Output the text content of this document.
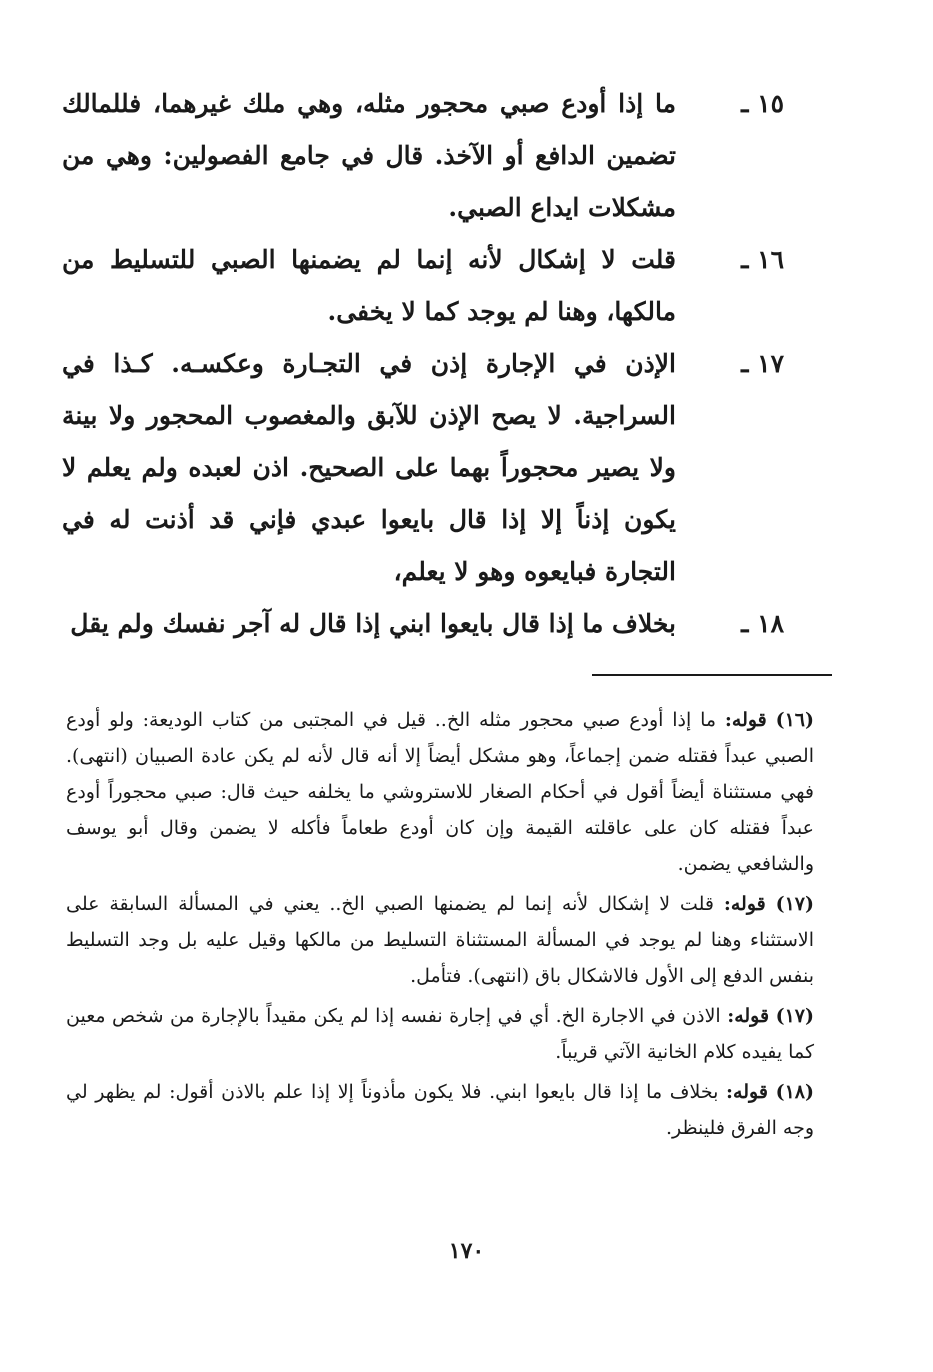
١٥ ـ
ما إذا أودع صبي محجور مثله، وهي ملك غيرهما، فللمالك تضمين الدافع أو الآخذ. قال في جامع الفصولين: وهي من مشكلات ايداع الصبي.
١٦ ـ
قلت لا إشكال لأنه إنما لم يضمنها الصبي للتسليط من مالكها، وهنا لم يوجد كما لا يخفى.
١٧ ـ
الإذن في الإجارة إذن في التجـارة وعكسـه. كـذا في السراجية. لا يصح الإذن للآبق والمغصوب المحجور ولا بينة ولا يصير محجوراً بهما على الصحيح. اذن لعبده ولم يعلم لا يكون إذناً إلا إذا قال بايعوا عبدي فإني قد أذنت له في التجارة فبايعوه وهو لا يعلم،
١٨ ـ
بخلاف ما إذا قال بايعوا ابني إذا قال له آجر نفسك ولم يقل
(١٦) قوله: ما إذا أودع صبي محجور مثله الخ.. قيل في المجتبى من كتاب الوديعة: ولو أودع الصبي عبداً فقتله ضمن إجماعاً، وهو مشكل أيضاً إلا أنه قال لأنه لم يكن عادة الصبيان (انتهى). فهي مستثناة أيضاً أقول في أحكام الصغار للاستروشي ما يخلفه حيث قال: صبي محجوراً أودع عبداً فقتله كان على عاقلته القيمة وإن كان أودع طعاماً فأكله لا يضمن وقال أبو يوسف والشافعي يضمن.
(١٧) قوله: قلت لا إشكال لأنه إنما لم يضمنها الصبي الخ.. يعني في المسألة السابقة على الاستثناء وهنا لم يوجد في المسألة المستثناة التسليط من مالكها وقيل عليه بل وجد التسليط بنفس الدفع إلى الأول فالاشكال باق (انتهى). فتأمل.
(١٧) قوله: الاذن في الاجارة الخ. أي في إجارة نفسه إذا لم يكن مقيداً بالإجارة من شخص معين كما يفيده كلام الخانية الآتي قريباً.
(١٨) قوله: بخلاف ما إذا قال بايعوا ابني. فلا يكون مأذوناً إلا إذا علم بالاذن أقول: لم يظهر لي وجه الفرق فلينظر.
١٧٠
